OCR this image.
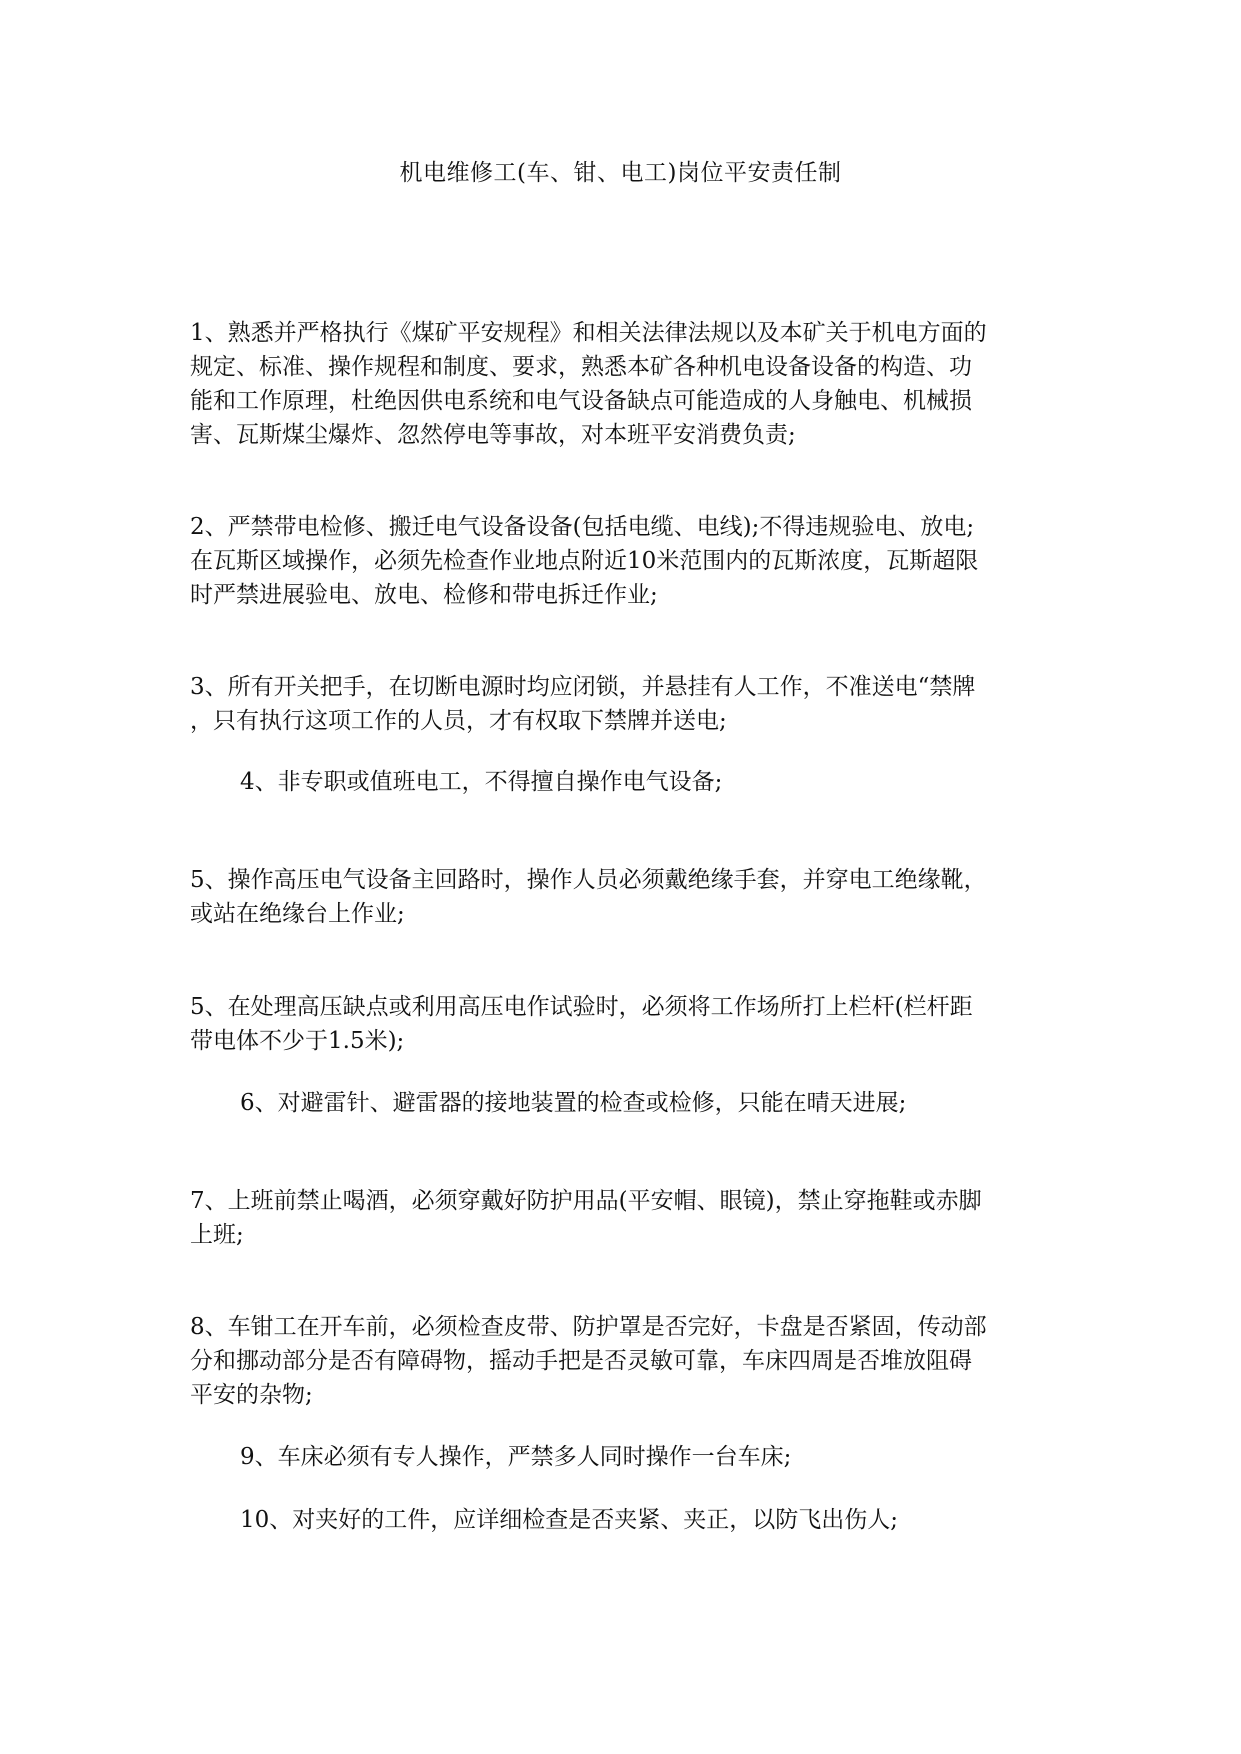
机电维修工(车、钳、电工)岗位平安责任制
1、熟悉并严格执行《煤矿平安规程》和相关法律法规以及本矿关于机电方面的
规定、标准、操作规程和制度、要求，熟悉本矿各种机电设备设备的构造、功
能和工作原理，杜绝因供电系统和电气设备缺点可能造成的人身触电、机械损
害、瓦斯煤尘爆炸、忽然停电等事故，对本班平安消费负责;
2、严禁带电检修、搬迁电气设备设备(包括电缆、电线);不得违规验电、放电;
在瓦斯区域操作，必须先检查作业地点附近10米范围内的瓦斯浓度，瓦斯超限
时严禁进展验电、放电、检修和带电拆迁作业;
3、所有开关把手，在切断电源时均应闭锁，并悬挂有人工作，不准送电“禁牌
，只有执行这项工作的人员，才有权取下禁牌并送电;
4、非专职或值班电工，不得擅自操作电气设备;
5、操作高压电气设备主回路时，操作人员必须戴绝缘手套，并穿电工绝缘靴，
或站在绝缘台上作业;
5、在处理高压缺点或利用高压电作试验时，必须将工作场所打上栏杆(栏杆距
带电体不少于1.5米);
6、对避雷针、避雷器的接地装置的检查或检修，只能在晴天进展;
7、上班前禁止喝酒，必须穿戴好防护用品(平安帽、眼镜)，禁止穿拖鞋或赤脚
上班;
8、车钳工在开车前，必须检查皮带、防护罩是否完好，卡盘是否紧固，传动部
分和挪动部分是否有障碍物，摇动手把是否灵敏可靠，车床四周是否堆放阻碍
平安的杂物;
9、车床必须有专人操作，严禁多人同时操作一台车床;
10、对夹好的工件，应详细检查是否夹紧、夹正，以防飞出伤人;
